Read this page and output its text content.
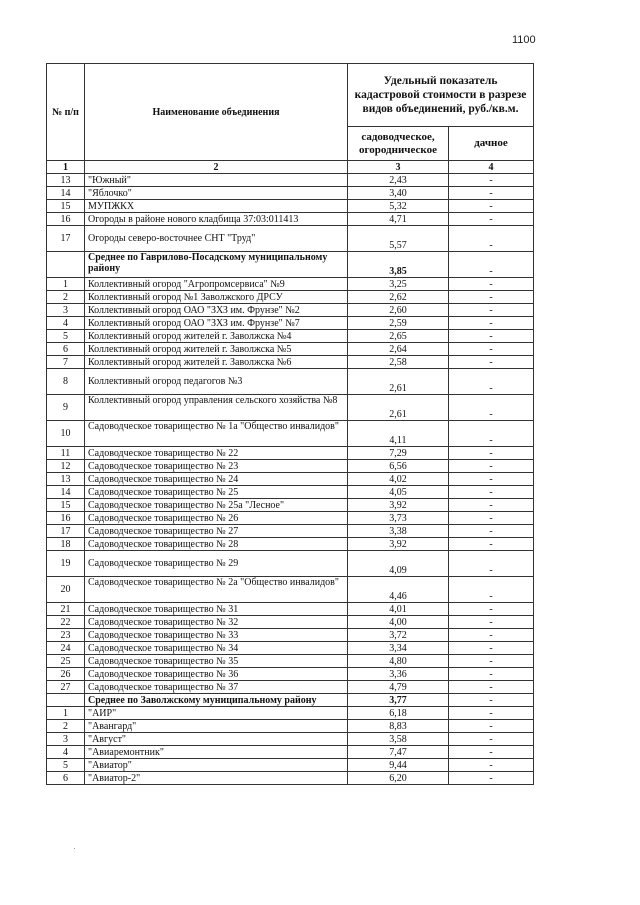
1100
№ п/п	Наименование объединения	Удельный показатель кадастровой стоимости в разрезе видов объединений, руб./кв.м.	
		садоводческое, огородническое	дачное
1	2	3	4
13	"Южный"	2,43	-
14	"Яблочко"	3,40	-
15	МУПЖКХ	5,32	-
16	Огороды в районе нового кладбища 37:03:011413	4,71	-
17	Огороды северо-восточнее СНТ "Труд"	5,57	-
	Среднее по Гаврилово-Посадскому муниципальному району	3,85	-
1	Коллективный огород "Агропромсервиса" №9	3,25	-
2	Коллективный огород №1 Заволжского ДРСУ	2,62	-
3	Коллективный огород ОАО "ЗХЗ им. Фрунзе" №2	2,60	-
4	Коллективный огород ОАО "ЗХЗ им. Фрунзе" №7	2,59	-
5	Коллективный огород жителей г. Заволжска №4	2,65	-
6	Коллективный огород жителей г. Заволжска №5	2,64	-
7	Коллективный огород жителей г. Заволжска №6	2,58	-
8	Коллективный огород педагогов №3	2,61	-
9	Коллективный огород управления сельского хозяйства №8	2,61	-
10	Садоводческое товарищество № 1а "Общество инвалидов"	4,11	-
11	Садоводческое товарищество № 22	7,29	-
12	Садоводческое товарищество № 23	6,56	-
13	Садоводческое товарищество № 24	4,02	-
14	Садоводческое товарищество № 25	4,05	-
15	Садоводческое товарищество № 25а "Лесное"	3,92	-
16	Садоводческое товарищество № 26	3,73	-
17	Садоводческое товарищество № 27	3,38	-
18	Садоводческое товарищество № 28	3,92	-
19	Садоводческое товарищество № 29	4,09	-
20	Садоводческое товарищество № 2а "Общество инвалидов"	4,46	-
21	Садоводческое товарищество № 31	4,01	-
22	Садоводческое товарищество № 32	4,00	-
23	Садоводческое товарищество № 33	3,72	-
24	Садоводческое товарищество № 34	3,34	-
25	Садоводческое товарищество № 35	4,80	-
26	Садоводческое товарищество № 36	3,36	-
27	Садоводческое товарищество № 37	4,79	-
	Среднее по Заволжскому муниципальному району	3,77	-
1	"АИР"	6,18	-
2	"Авангард"	8,83	-
3	"Август"	3,58	-
4	"Авиаремонтник"	7,47	-
5	"Авиатор"	9,44	-
6	"Авиатор-2"	6,20	-
